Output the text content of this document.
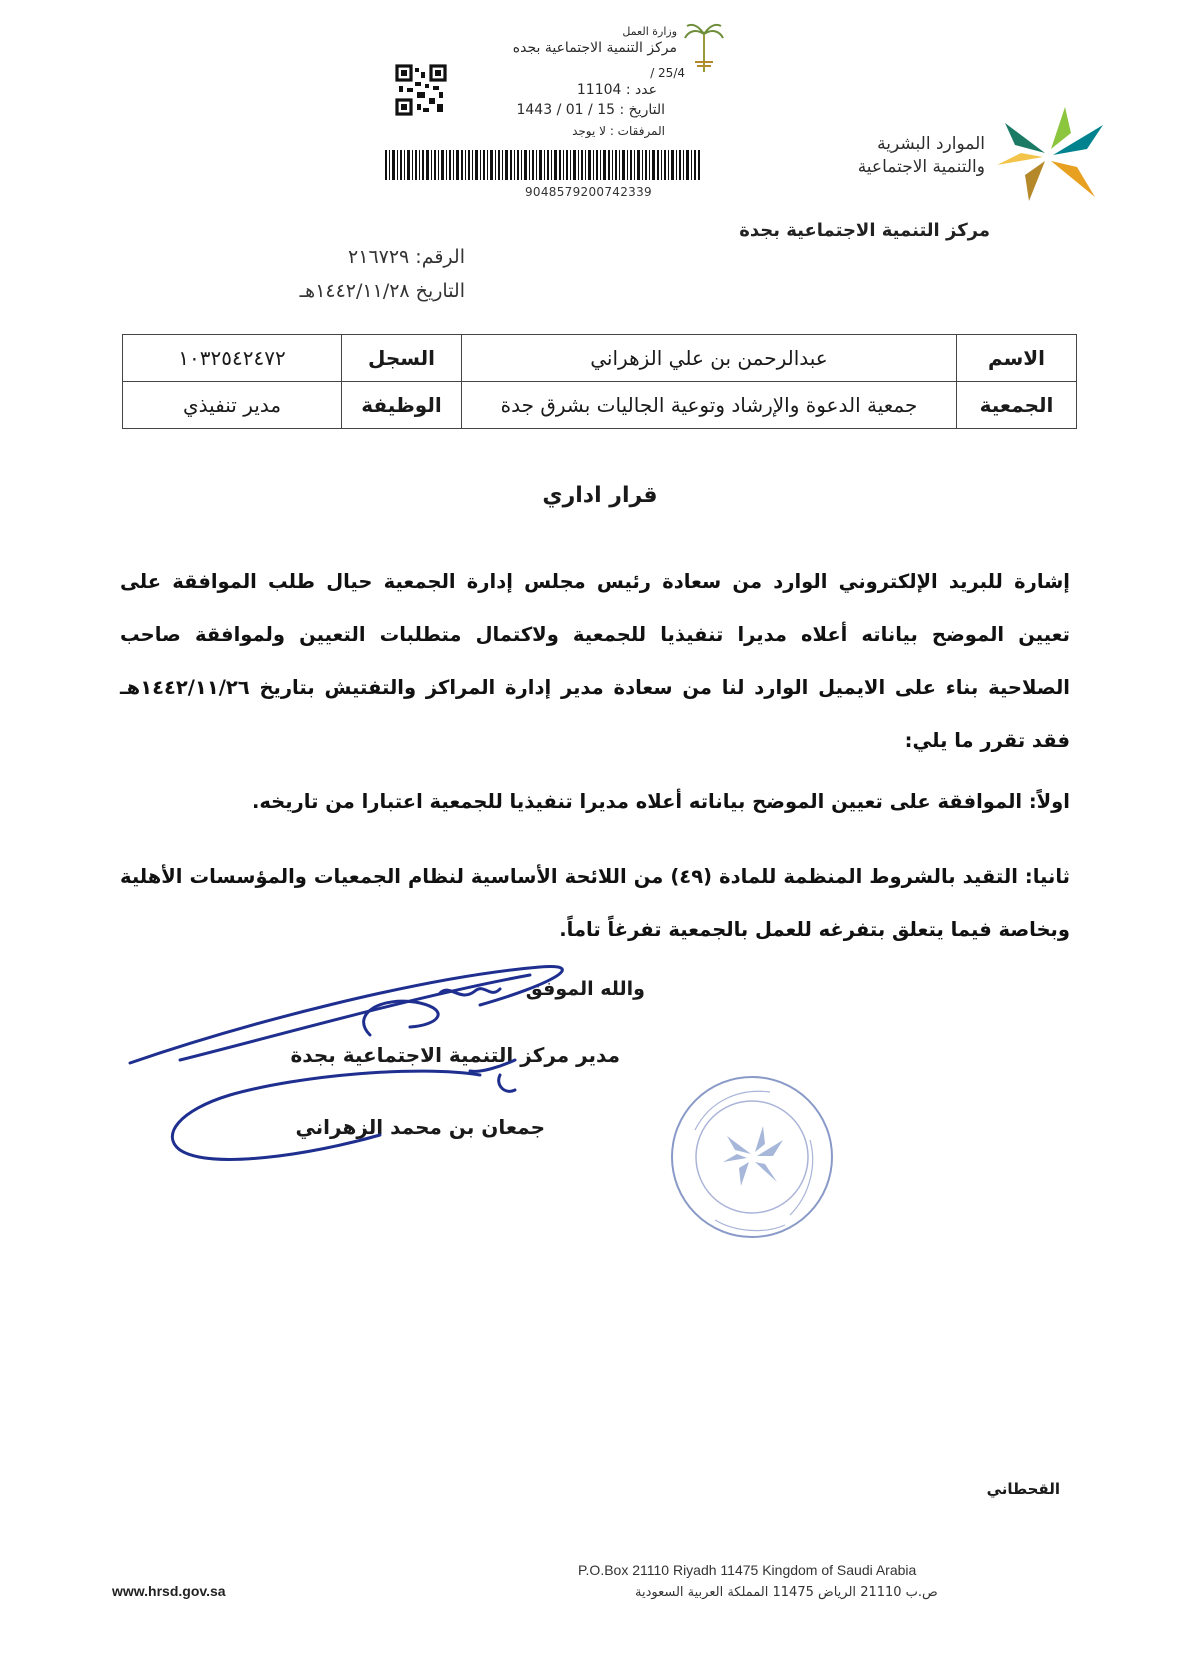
وزارة العمل
مركز التنمية الاجتماعية بجده
25/4 /
عدد : 11104
التاريخ : 15 / 01 / 1443
المرفقات : لا يوجد
9048579200742339
الموارد البشرية
والتنمية الاجتماعية
مركز التنمية الاجتماعية بجدة
الرقم: ٢١٦٧٢٩
التاريخ ١٤٤٢/١١/٢٨هـ
الاسم	عبدالرحمن بن علي الزهراني	السجل	١٠٣٢٥٤٢٤٧٢
الجمعية	جمعية الدعوة والإرشاد وتوعية الجاليات بشرق جدة	الوظيفة	مدير تنفيذي
قرار اداري
إشارة للبريد الإلكتروني الوارد من سعادة رئيس مجلس إدارة الجمعية حيال طلب الموافقة على تعيين الموضح بياناته أعلاه مديرا تنفيذيا للجمعية ولاكتمال متطلبات التعيين ولموافقة صاحب الصلاحية بناء على الايميل الوارد لنا من سعادة مدير إدارة المراكز والتفتيش بتاريخ ١٤٤٢/١١/٢٦هـ فقد تقرر ما يلي:
اولاً: الموافقة على تعيين الموضح بياناته أعلاه مديرا تنفيذيا للجمعية اعتبارا من تاريخه.
ثانيا: التقيد بالشروط المنظمة للمادة (٤٩) من اللائحة الأساسية لنظام الجمعيات والمؤسسات الأهلية وبخاصة فيما يتعلق بتفرغه للعمل بالجمعية تفرغاً تاماً.
والله الموفق
مدير مركز التنمية الاجتماعية بجدة
جمعان بن محمد الزهراني
القحطاني
P.O.Box 21110 Riyadh 11475 Kingdom of Saudi Arabia
ص.ب 21110 الرياض 11475 المملكة العربية السعودية
www.hrsd.gov.sa
